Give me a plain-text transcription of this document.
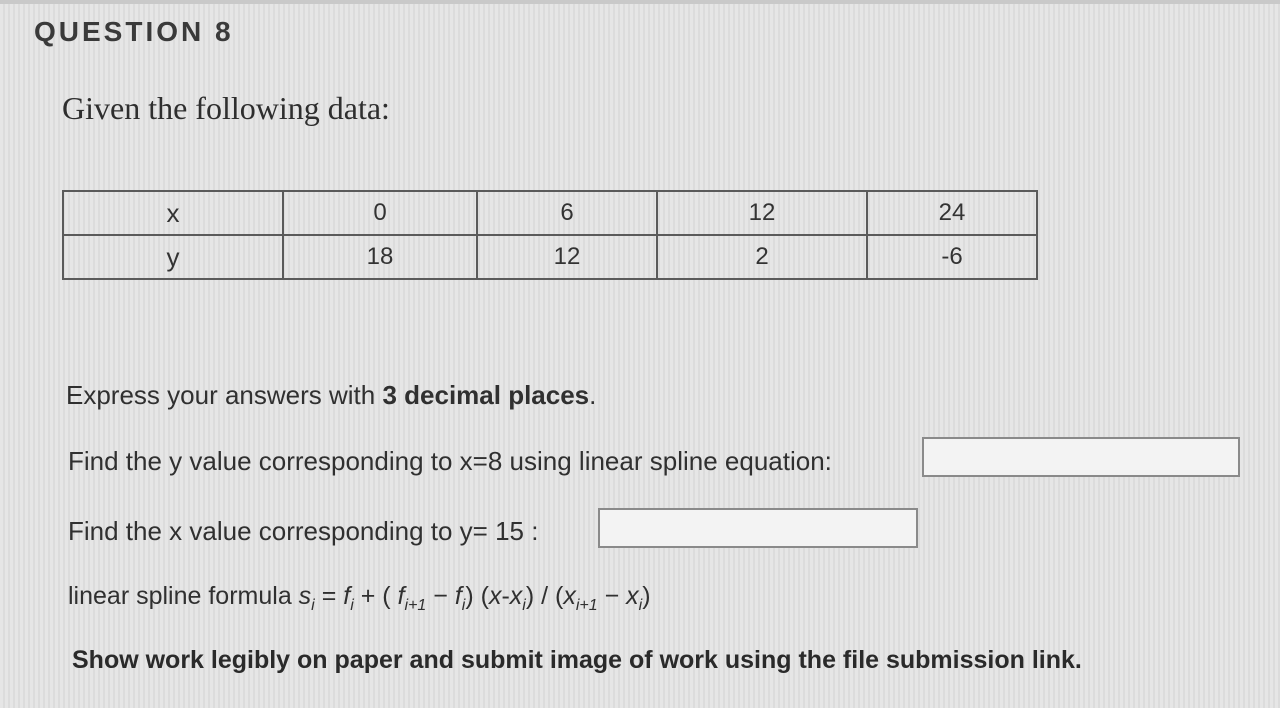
QUESTION 8
Given the following data:
x	0	6	12	24
y	18	12	2	-6
Express your answers with 3 decimal places.
Find the y value corresponding to x=8 using linear spline equation:
Find the x value corresponding to y= 15 :
linear spline formula $s_i = f_i$ + ( $f_{i+1} - f_i$) $(x-x_i) / (x_{i+1} - x_i)$
Show work legibly on paper and submit image of work using the file submission link.
